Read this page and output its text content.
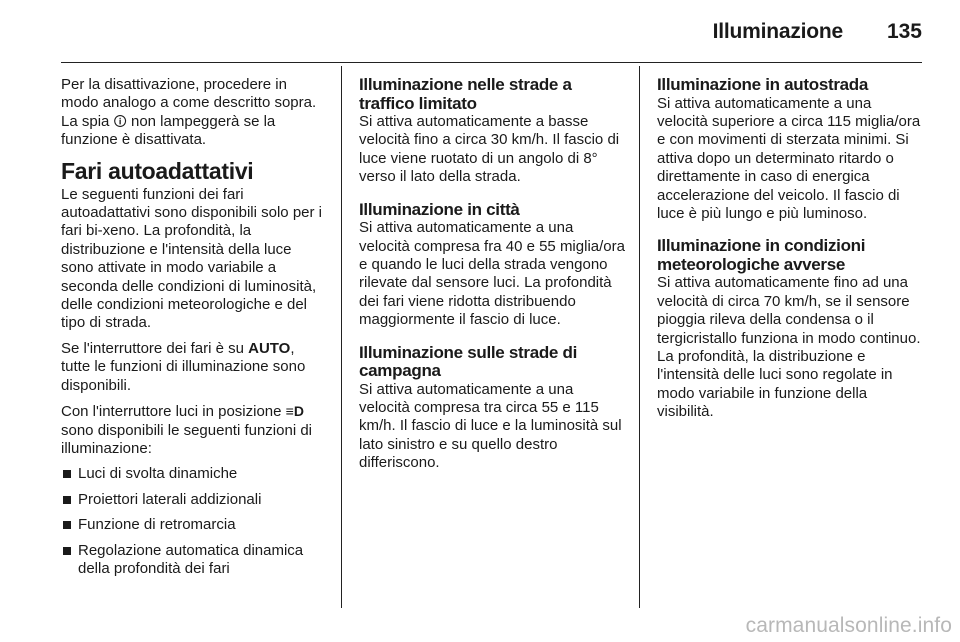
Illuminazione 135

Per la disattivazione, procedere in modo analogo a come descritto sopra. La spia 🛈 non lampeggerà se la funzione è disattivata.

Fari autoadattativi

Le seguenti funzioni dei fari autoadattativi sono disponibili solo per i fari bi-xeno. La profondità, la distribuzione e l'intensità della luce sono attivate in modo variabile a seconda delle condizioni di luminosità, delle condizioni meteorologiche e del tipo di strada.

Se l'interruttore dei fari è su AUTO, tutte le funzioni di illuminazione sono disponibili.

Con l'interruttore luci in posizione ≡D sono disponibili le seguenti funzioni di illuminazione:

Luci di svolta dinamiche
Proiettori laterali addizionali
Funzione di retromarcia
Regolazione automatica dinamica della profondità dei fari
Illuminazione nelle strade a traffico limitato

Si attiva automaticamente a basse velocità fino a circa 30 km/h. Il fascio di luce viene ruotato di un angolo di 8° verso il lato della strada.

Illuminazione in città

Si attiva automaticamente a una velocità compresa fra 40 e 55 miglia/ora e quando le luci della strada vengono rilevate dal sensore luci. La profondità dei fari viene ridotta distribuendo maggiormente il fascio di luce.

Illuminazione sulle strade di campagna

Si attiva automaticamente a una velocità compresa tra circa 55 e 115 km/h. Il fascio di luce e la luminosità sul lato sinistro e su quello destro differiscono.

Illuminazione in autostrada

Si attiva automaticamente a una velocità superiore a circa 115 miglia/ora e con movimenti di sterzata minimi. Si attiva dopo un determinato ritardo o direttamente in caso di energica accelerazione del veicolo. Il fascio di luce è più lungo e più luminoso.

Illuminazione in condizioni meteorologiche avverse

Si attiva automaticamente fino ad una velocità di circa 70 km/h, se il sensore pioggia rileva della condensa o il tergicristallo funziona in modo continuo. La profondità, la distribuzione e l'intensità delle luci sono regolate in modo variabile in funzione della visibilità.

carmanualsonline.info
